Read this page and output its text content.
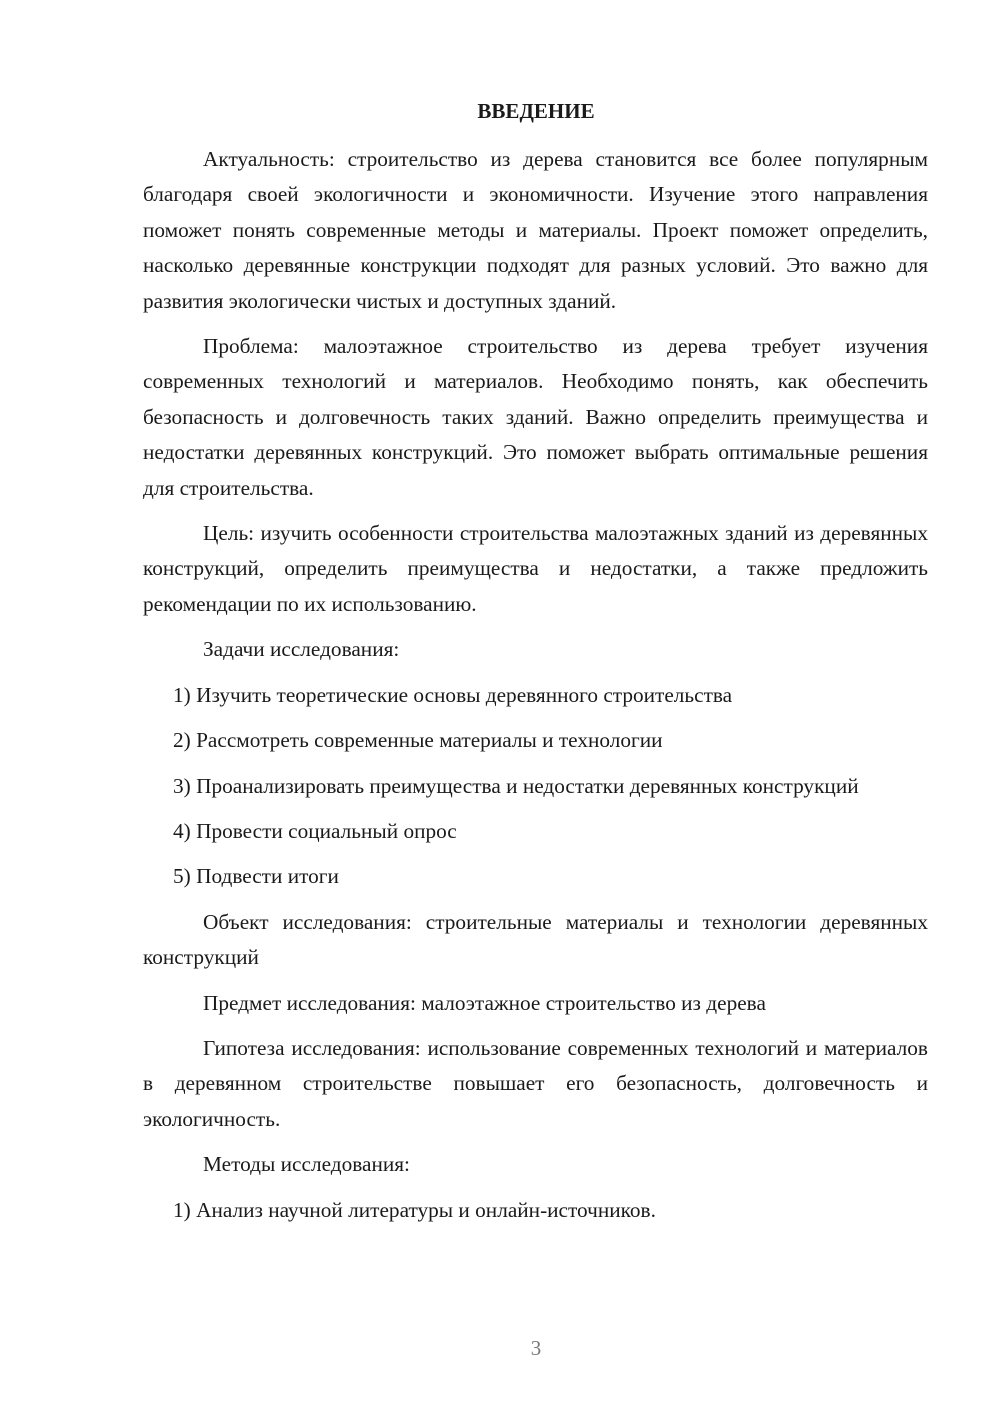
ВВЕДЕНИЕ

Актуальность: строительство из дерева становится все более популярным благодаря своей экологичности и экономичности. Изучение этого направления поможет понять современные методы и материалы. Проект поможет определить, насколько деревянные конструкции подходят для разных условий. Это важно для развития экологически чистых и доступных зданий.

Проблема: малоэтажное строительство из дерева требует изучения современных технологий и материалов. Необходимо понять, как обеспечить безопасность и долговечность таких зданий. Важно определить преимущества и недостатки деревянных конструкций. Это поможет выбрать оптимальные решения для строительства.

Цель: изучить особенности строительства малоэтажных зданий из деревянных конструкций, определить преимущества и недостатки, а также предложить рекомендации по их использованию.

Задачи исследования:

1) Изучить теоретические основы деревянного строительства

2) Рассмотреть современные материалы и технологии

3) Проанализировать преимущества и недостатки деревянных конструкций

4) Провести социальный опрос

5) Подвести итоги

Объект исследования: строительные материалы и технологии деревянных конструкций

Предмет исследования: малоэтажное строительство из дерева

Гипотеза исследования: использование современных технологий и материалов в деревянном строительстве повышает его безопасность, долговечность и экологичность.

Методы исследования:

1) Анализ научной литературы и онлайн-источников.

3
